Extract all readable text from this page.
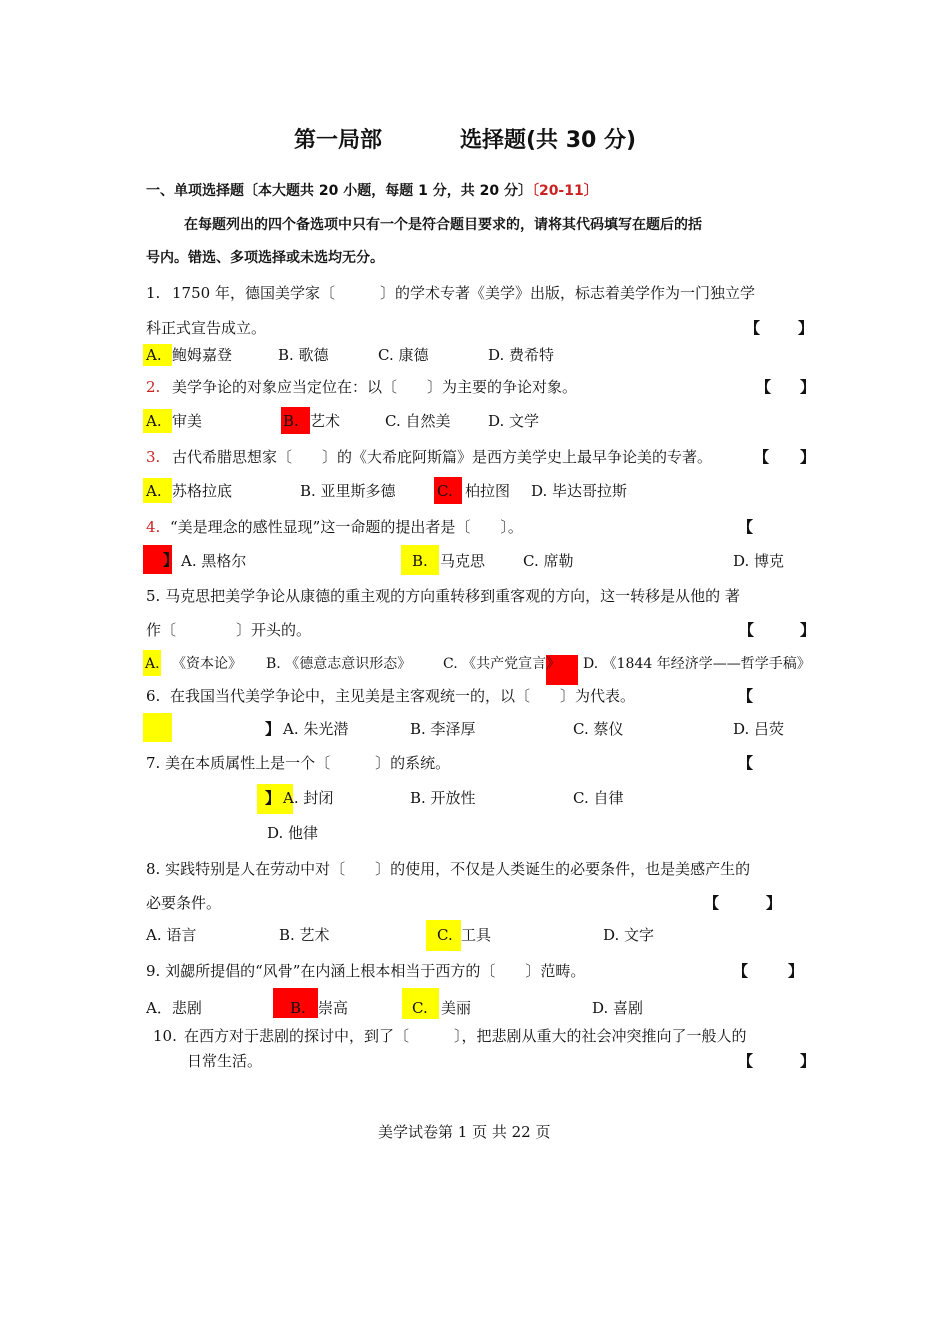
第一局部	选择题(共 30 分)
一、单项选择题〔本大题共 20 小题，每题 1 分，共 20 分〕〔20-11〕
在每题列出的四个备选项中只有一个是符合题目要求的，请将其代码填写在题后的括
号内。错选、多项选择或未选均无分。
1. 1750 年，德国美学家〔　　　〕的学术专著《美学》出版，标志着美学作为一门独立学
科正式宣告成立。	【	】
A. 鲍姆嘉登	B. 歌德	C. 康德	D. 费希特
2. 美学争论的对象应当定位在：以〔　　〕为主要的争论对象。	【 】
A. 审美	B. 艺术	C. 自然美	D. 文学
3. 古代希腊思想家〔　　〕的《大希庇阿斯篇》是西方美学史上最早争论美的专著。	【 】
A. 苏格拉底	B. 亚里斯多德	C. 柏拉图 D. 毕达哥拉斯
4. “美是理念的感性显现”这一命题的提出者是〔　　〕。	【
】 A. 黑格尔	B. 马克思	C. 席勒	D. 博克
5. 马克思把美学争论从康德的重主观的方向重转移到重客观的方向，这一转移是从他的 著
作〔　　　　〕开头的。	【	】
A. 《资本论》 B. 《德意志意识形态》 C. 《共产党宣言》 D. 《1844 年经济学——哲学手稿》
6. 在我国当代美学争论中，主见美是主客观统一的，以〔　　〕为代表。	【
】 A. 朱光潜	B. 李泽厚	C. 蔡仪	D. 吕荧
7. 美在本质属性上是一个〔　　　〕的系统。	【
】 A. 封闭	B. 开放性	C. 自律
D. 他律
8. 实践特别是人在劳动中对〔　　〕的使用，不仅是人类诞生的必要条件，也是美感产生的
必要条件。	【	】
A. 语言	B. 艺术	C. 工具	D. 文字
9. 刘勰所提倡的“风骨”在内涵上根本相当于西方的〔　　〕范畴。	【	】
A．悲剧	B. 崇高	C. 美丽	D. 喜剧
10. 在西方对于悲剧的探讨中，到了〔　　　〕，把悲剧从重大的社会冲突推向了一般人的
日常生活。	【	】
美学试卷第 1 页 共 22 页
